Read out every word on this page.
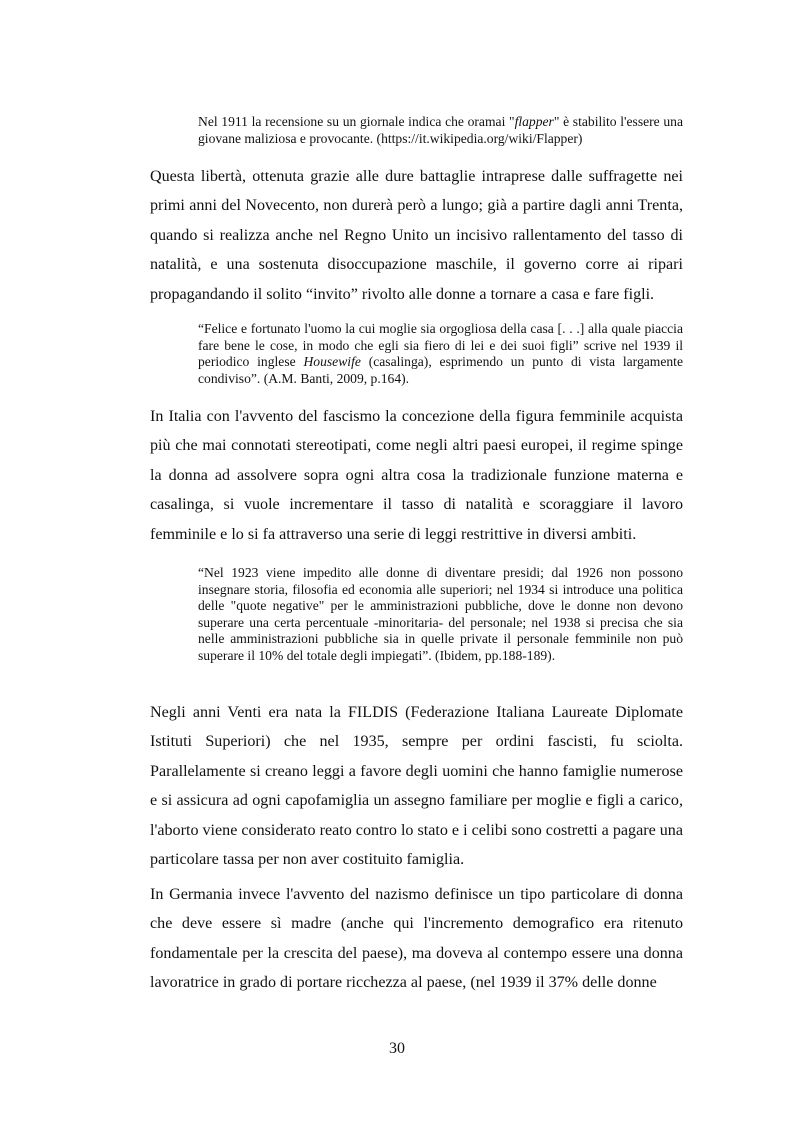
Nel 1911 la recensione su un giornale indica che oramai "flapper" è stabilito l'essere una giovane maliziosa e provocante. (https://it.wikipedia.org/wiki/Flapper)

Questa libertà, ottenuta grazie alle dure battaglie intraprese dalle suffragette nei primi anni del Novecento, non durerà però a lungo; già a partire dagli anni Trenta, quando si realizza anche nel Regno Unito un incisivo rallentamento del tasso di natalità, e una sostenuta disoccupazione maschile, il governo corre ai ripari propagandando il solito “invito” rivolto alle donne a tornare a casa e fare figli.

“Felice e fortunato l'uomo la cui moglie sia orgogliosa della casa [. . .] alla quale piaccia fare bene le cose, in modo che egli sia fiero di lei e dei suoi figli” scrive nel 1939 il periodico inglese Housewife (casalinga), esprimendo un punto di vista largamente condiviso”. (A.M. Banti, 2009, p.164).

In Italia con l'avvento del fascismo la concezione della figura femminile acquista più che mai connotati stereotipati, come negli altri paesi europei, il regime spinge la donna ad assolvere sopra ogni altra cosa la tradizionale funzione materna e casalinga, si vuole incrementare il tasso di natalità e scoraggiare il lavoro femminile e lo si fa attraverso una serie di leggi restrittive in diversi ambiti.

“Nel 1923 viene impedito alle donne di diventare presidi; dal 1926 non possono insegnare storia, filosofia ed economia alle superiori; nel 1934 si introduce una politica delle "quote negative" per le amministrazioni pubbliche, dove le donne non devono superare una certa percentuale -minoritaria- del personale; nel 1938 si precisa che sia nelle amministrazioni pubbliche sia in quelle private il personale femminile non può superare il 10% del totale degli impiegati”. (Ibidem, pp.188-189).

Negli anni Venti era nata la FILDIS (Federazione Italiana Laureate Diplomate Istituti Superiori) che nel 1935, sempre per ordini fascisti, fu sciolta. Parallelamente si creano leggi a favore degli uomini che hanno famiglie numerose e si assicura ad ogni capofamiglia un assegno familiare per moglie e figli a carico, l'aborto viene considerato reato contro lo stato e i celibi sono costretti a pagare una particolare tassa per non aver costituito famiglia.

In Germania invece l'avvento del nazismo definisce un tipo particolare di donna che deve essere sì madre (anche qui l'incremento demografico era ritenuto fondamentale per la crescita del paese), ma doveva al contempo essere una donna lavoratrice in grado di portare ricchezza al paese, (nel 1939 il 37% delle donne

30
